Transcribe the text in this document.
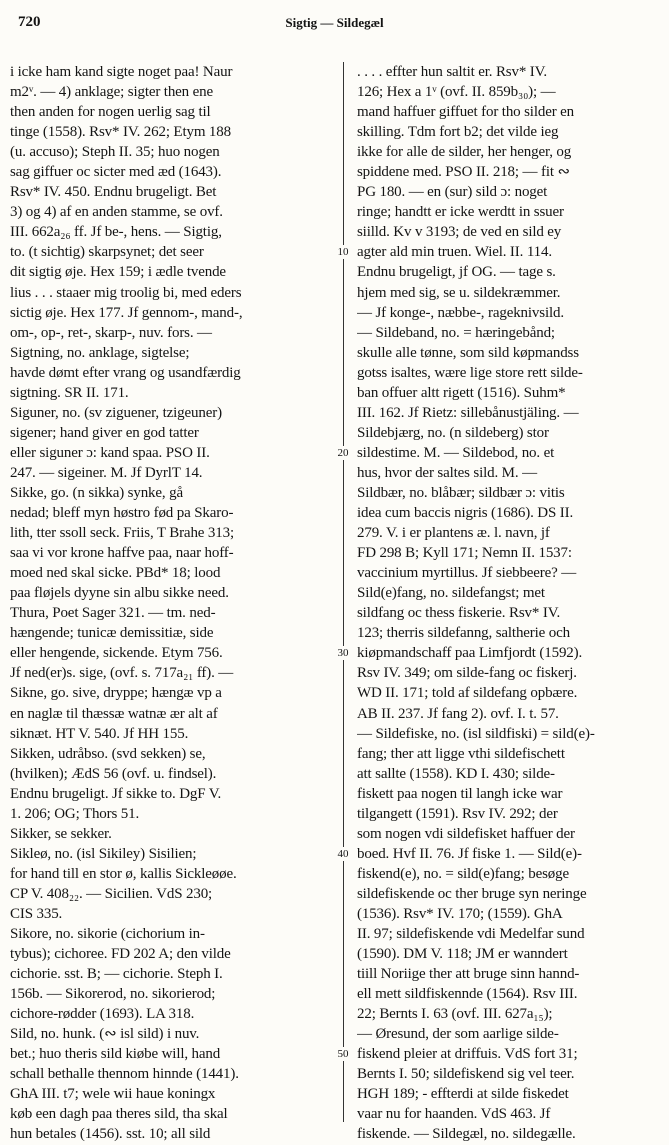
720	Sigtig — Sildegæl
i icke ham kand sigte noget paa! Naur
m2ᵛ. — 4) anklage; sigter then ene
then anden for nogen uerlig sag til
tinge (1558). Rsv* IV. 262; Etym 188
(u. accuso); Steph II. 35; huo nogen
sag giffuer oc sicter med æd (1643).
Rsv* IV. 450. Endnu brugeligt. Bet
3) og 4) af en anden stamme, se ovf.
III. 662a₂₆ ff. Jf be-, hens. — Sigtig,
to. (t sichtig) skarpsynet; det seer
dit sigtig øje. Hex 159; i ædle tvende
lius . . . staaer mig troolig bi, med eders
sictig øje. Hex 177. Jf gennom-, mand-,
om-, op-, ret-, skarp-, nuv. fors. —
Sigtning, no. anklage, sigtelse;
havde dømt efter vrang og usandfærdig
sigtning. SR II. 171.
Siguner, no. (sv ziguener, tzigeuner)
sigener; hand giver en god tatter
eller siguner ɔ: kand spaa. PSO II.
247. — sigeiner. M. Jf DyrlT 14.
Sikke, go. (n sikka) synke, gå
nedad; bleff myn høstro fød pa Skaro-
lith, tter ssoll seck. Friis, T Brahe 313;
saa vi vor krone haffve paa, naar hoff-
moed ned skal sicke. PBd* 18; lood
paa fløjels dyyne sin albu sikke need.
Thura, Poet Sager 321. — tm. ned-
hængende; tunicæ demissitiæ, side
eller hengende, sickende. Etym 756.
Jf ned(er)s. sige, (ovf. s. 717a₂₁ ff). —
Sikne, go. sive, dryppe; hængæ vp a
en naglæ til thæssæ watnæ ær alt af
siknæt. HT V. 540. Jf HH 155.
Sikken, udråbso. (svd sekken) se,
(hvilken); ÆdS 56 (ovf. u. findsel).
Endnu brugeligt. Jf sikke to. DgF V.
1. 206; OG; Thors 51.
Sikker, se sekker.
Sikleø, no. (isl Sikiley) Sisilien;
for hand till en stor ø, kallis Sickleøøe.
CP V. 408₂₂. — Sicilien. VdS 230;
CIS 335.
Sikore, no. sikorie (cichorium in-
tybus); cichoree. FD 202 A; den vilde
cichorie. sst. B; — cichorie. Steph I.
156b. — Sikorerod, no. sikorierod;
cichore-rødder (1693). LA 318.
Sild, no. hunk. (∾ isl sild) i nuv.
bet.; huo theris sild kiøbe will, hand
schall bethalle thennom hinnde (1441).
GhA III. t7; wele wii haue koningx
køb een dagh paa theres sild, tha skal
hun betales (1456). sst. 10; all sild
. . . . effter hun saltit er. Rsv* IV.
126; Hex a 1ᵛ (ovf. II. 859b₃₀); —
mand haffuer giffuet for tho silder en
skilling. Tdm fort b2; det vilde ieg
ikke for alle de silder, her henger, og
spiddene med. PSO II. 218; — fit ∾
PG 180. — en (sur) sild ɔ: noget
ringe; handtt er icke werdtt in ssuer
siilld. Kv v 3193; de ved en sild ey
agter ald min truen. Wiel. II. 114.
Endnu brugeligt, jf OG. — tage s.
hjem med sig, se u. sildekræmmer.
— Jf konge-, næbbe-, rageknivsild.
— Sildeband, no. = hæringebånd;
skulle alle tønne, som sild køpmandss
gotss isaltes, wære lige store rett silde-
ban offuer altt rigett (1516). Suhm*
III. 162. Jf Rietz: sillebånustjäling. —
Sildebjærg, no. (n sildeberg) stor
sildestime. M. — Sildebod, no. et
hus, hvor der saltes sild. M. —
Sildbær, no. blåbær; sildbær ɔ: vitis
idea cum baccis nigris (1686). DS II.
279. V. i er plantens æ. l. navn, jf
FD 298 B; Kyll 171; Nemn II. 1537:
vaccinium myrtillus. Jf siebbeere? —
Sild(e)fang, no. sildefangst; met
sildfang oc thess fiskerie. Rsv* IV.
123; therris sildefanng, saltherie och
kiøpmandschaff paa Limfjordt (1592).
Rsv IV. 349; om silde-fang oc fiskerj.
WD II. 171; told af sildefang opbære.
AB II. 237. Jf fang 2). ovf. I. t. 57.
— Sildefiske, no. (isl sildfiski) = sild(e)-
fang; ther att ligge vthi sildefischett
att sallte (1558). KD I. 430; silde-
fiskett paa nogen til langh icke war
tilgangett (1591). Rsv IV. 292; der
som nogen vdi sildefisket haffuer der
boed. Hvf II. 76. Jf fiske 1. — Sild(e)-
fiskend(e), no. = sild(e)fang; besøge
sildefiskende oc ther bruge syn neringe
(1536). Rsv* IV. 170; (1559). GhA
II. 97; sildefiskende vdi Medelfar sund
(1590). DM V. 118; JM er wanndert
tiill Noriige ther att bruge sinn hannd-
ell mett sildfiskennde (1564). Rsv III.
22; Bernts I. 63 (ovf. III. 627a₁₅);
— Øresund, der som aarlige silde-
fiskend pleier at driffuis. VdS fort 31;
Bernts I. 50; sildefiskend sig vel teer.
HGH 189; - effterdi at silde fiskedet
vaar nu for haanden. VdS 463. Jf
fiskende. — Sildegæl, no. sildegælle.
10
20
30
40
50
